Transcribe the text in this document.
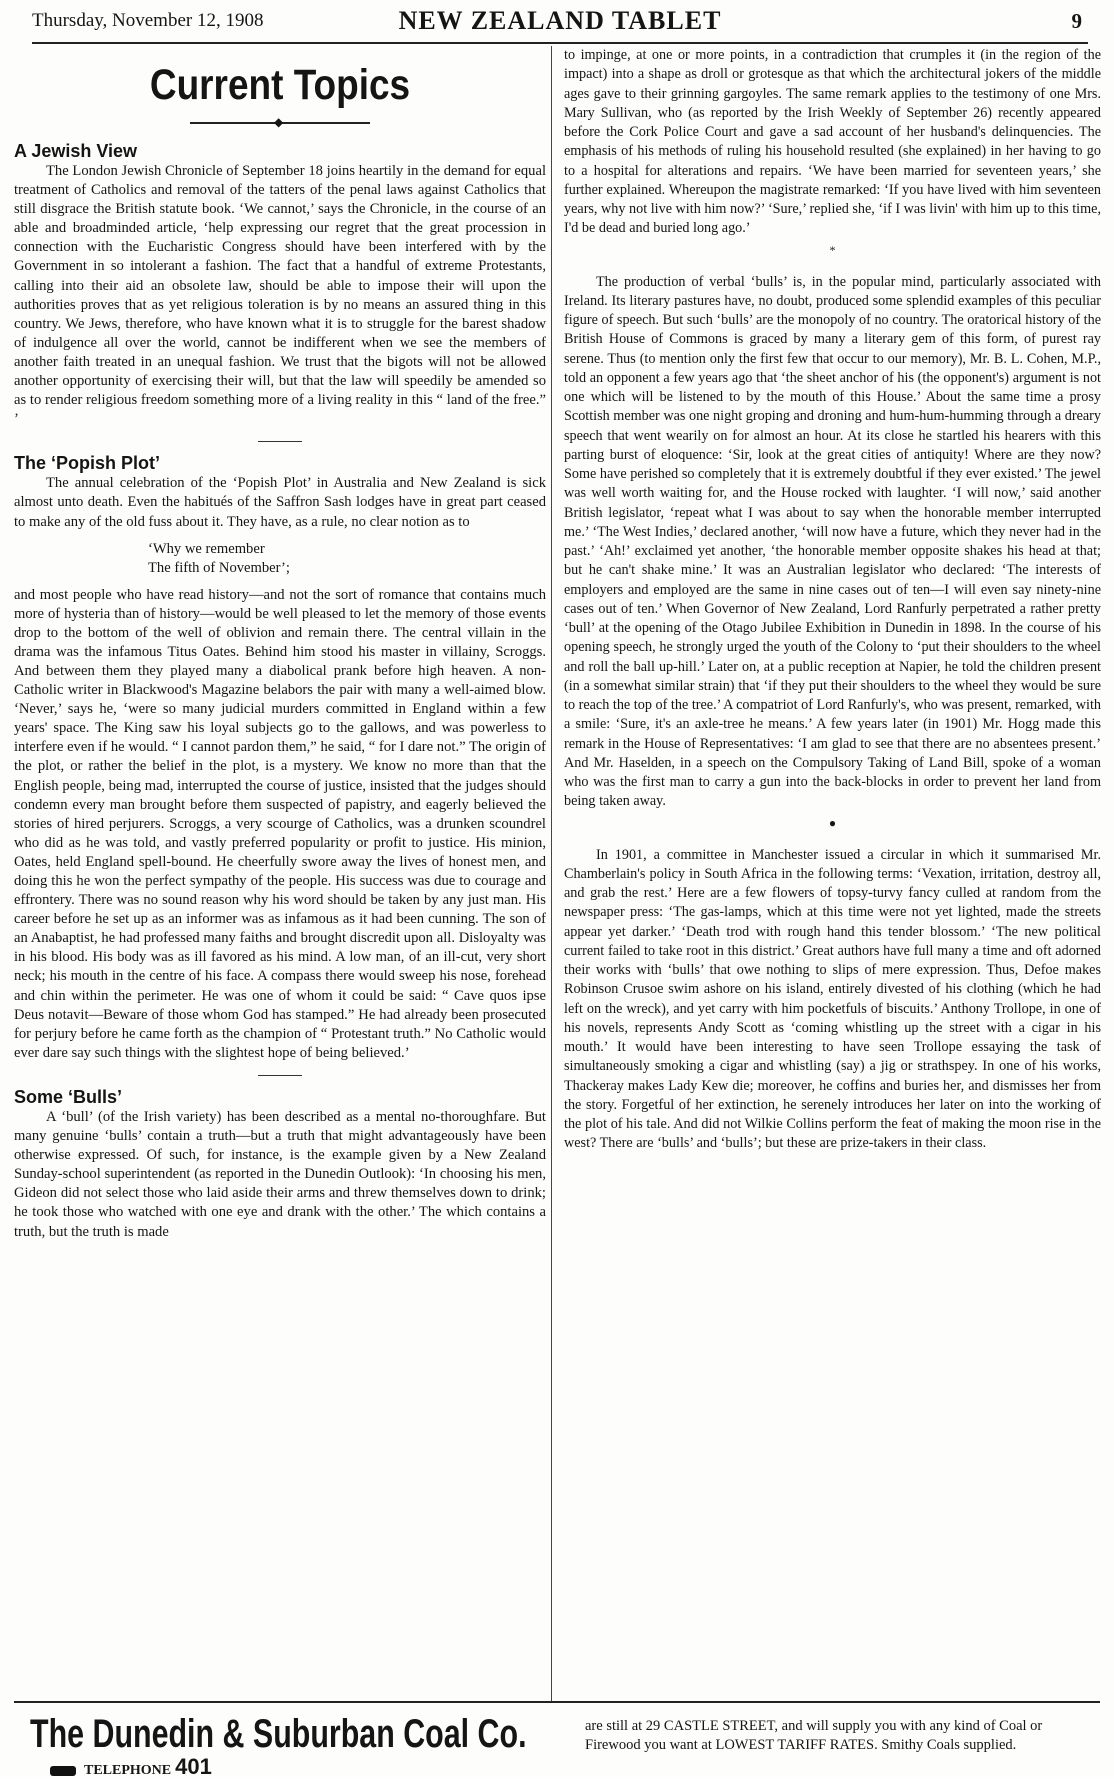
Thursday, November 12, 1908	NEW ZEALAND TABLET	9
Current Topics
◆
A Jewish View

The London Jewish Chronicle of September 18 joins heartily in the demand for equal treatment of Catholics and removal of the tatters of the penal laws against Catholics that still disgrace the British statute book. ‘We cannot,’ says the Chronicle, in the course of an able and broadminded article, ‘help expressing our regret that the great procession in connection with the Eucharistic Congress should have been interfered with by the Government in so intolerant a fashion. The fact that a handful of extreme Protestants, calling into their aid an obsolete law, should be able to impose their will upon the authorities proves that as yet religious toleration is by no means an assured thing in this country. We Jews, therefore, who have known what it is to struggle for the barest shadow of indulgence all over the world, cannot be indifferent when we see the members of another faith treated in an unequal fashion. We trust that the bigots will not be allowed another opportunity of exercising their will, but that the law will speedily be amended so as to render religious freedom something more of a living reality in this “ land of the free.” ’

The ‘Popish Plot’

The annual celebration of the ‘Popish Plot’ in Australia and New Zealand is sick almost unto death. Even the habitués of the Saffron Sash lodges have in great part ceased to make any of the old fuss about it. They have, as a rule, no clear notion as to

‘Why we remember
The fifth of November’;

and most people who have read history—and not the sort of romance that contains much more of hysteria than of history—would be well pleased to let the memory of those events drop to the bottom of the well of oblivion and remain there. The central villain in the drama was the infamous Titus Oates. Behind him stood his master in villainy, Scroggs. And between them they played many a diabolical prank before high heaven. A non-Catholic writer in Blackwood's Magazine belabors the pair with many a well-aimed blow. ‘Never,’ says he, ‘were so many judicial murders committed in England within a few years' space. The King saw his loyal subjects go to the gallows, and was powerless to interfere even if he would. “ I cannot pardon them,” he said, “ for I dare not.” The origin of the plot, or rather the belief in the plot, is a mystery. We know no more than that the English people, being mad, interrupted the course of justice, insisted that the judges should condemn every man brought before them suspected of papistry, and eagerly believed the stories of hired perjurers. Scroggs, a very scourge of Catholics, was a drunken scoundrel who did as he was told, and vastly preferred popularity or profit to justice. His minion, Oates, held England spell-bound. He cheerfully swore away the lives of honest men, and doing this he won the perfect sympathy of the people. His success was due to courage and effrontery. There was no sound reason why his word should be taken by any just man. His career before he set up as an informer was as infamous as it had been cunning. The son of an Anabaptist, he had professed many faiths and brought discredit upon all. Disloyalty was in his blood. His body was as ill favored as his mind. A low man, of an ill-cut, very short neck; his mouth in the centre of his face. A compass there would sweep his nose, forehead and chin within the perimeter. He was one of whom it could be said: “ Cave quos ipse Deus notavit—Beware of those whom God has stamped.” He had already been prosecuted for perjury before he came forth as the champion of “ Protestant truth.” No Catholic would ever dare say such things with the slightest hope of being believed.’

Some ‘Bulls’

A ‘bull’ (of the Irish variety) has been described as a mental no-thoroughfare. But many genuine ‘bulls’ contain a truth—but a truth that might advantageously have been otherwise expressed. Of such, for instance, is the example given by a New Zealand Sunday-school superintendent (as reported in the Dunedin Outlook): ‘In choosing his men, Gideon did not select those who laid aside their arms and threw themselves down to drink; he took those who watched with one eye and drank with the other.’ The which contains a truth, but the truth is made

to impinge, at one or more points, in a contradiction that crumples it (in the region of the impact) into a shape as droll or grotesque as that which the architectural jokers of the middle ages gave to their grinning gargoyles. The same remark applies to the testimony of one Mrs. Mary Sullivan, who (as reported by the Irish Weekly of September 26) recently appeared before the Cork Police Court and gave a sad account of her husband's delinquencies. The emphasis of his methods of ruling his household resulted (she explained) in her having to go to a hospital for alterations and repairs. ‘We have been married for seventeen years,’ she further explained. Whereupon the magistrate remarked: ‘If you have lived with him seventeen years, why not live with him now?’ ‘Sure,’ replied she, ‘if I was livin' with him up to this time, I'd be dead and buried long ago.’

*

The production of verbal ‘bulls’ is, in the popular mind, particularly associated with Ireland. Its literary pastures have, no doubt, produced some splendid examples of this peculiar figure of speech. But such ‘bulls’ are the monopoly of no country. The oratorical history of the British House of Commons is graced by many a literary gem of this form, of purest ray serene. Thus (to mention only the first few that occur to our memory), Mr. B. L. Cohen, M.P., told an opponent a few years ago that ‘the sheet anchor of his (the opponent's) argument is not one which will be listened to by the mouth of this House.’ About the same time a prosy Scottish member was one night groping and droning and hum-hum-humming through a dreary speech that went wearily on for almost an hour. At its close he startled his hearers with this parting burst of eloquence: ‘Sir, look at the great cities of antiquity! Where are they now? Some have perished so completely that it is extremely doubtful if they ever existed.’ The jewel was well worth waiting for, and the House rocked with laughter. ‘I will now,’ said another British legislator, ‘repeat what I was about to say when the honorable member interrupted me.’ ‘The West Indies,’ declared another, ‘will now have a future, which they never had in the past.’ ‘Ah!’ exclaimed yet another, ‘the honorable member opposite shakes his head at that; but he can't shake mine.’ It was an Australian legislator who declared: ‘The interests of employers and employed are the same in nine cases out of ten—I will even say ninety-nine cases out of ten.’ When Governor of New Zealand, Lord Ranfurly perpetrated a rather pretty ‘bull’ at the opening of the Otago Jubilee Exhibition in Dunedin in 1898. In the course of his opening speech, he strongly urged the youth of the Colony to ‘put their shoulders to the wheel and roll the ball up-hill.’ Later on, at a public reception at Napier, he told the children present (in a somewhat similar strain) that ‘if they put their shoulders to the wheel they would be sure to reach the top of the tree.’ A compatriot of Lord Ranfurly's, who was present, remarked, with a smile: ‘Sure, it's an axle-tree he means.’ A few years later (in 1901) Mr. Hogg made this remark in the House of Representatives: ‘I am glad to see that there are no absentees present.’ And Mr. Haselden, in a speech on the Compulsory Taking of Land Bill, spoke of a woman who was the first man to carry a gun into the back-blocks in order to prevent her land from being taken away.

●

In 1901, a committee in Manchester issued a circular in which it summarised Mr. Chamberlain's policy in South Africa in the following terms: ‘Vexation, irritation, destroy all, and grab the rest.’ Here are a few flowers of topsy-turvy fancy culled at random from the newspaper press: ‘The gas-lamps, which at this time were not yet lighted, made the streets appear yet darker.’ ‘Death trod with rough hand this tender blossom.’ ‘The new political current failed to take root in this district.’ Great authors have full many a time and oft adorned their works with ‘bulls’ that owe nothing to slips of mere expression. Thus, Defoe makes Robinson Crusoe swim ashore on his island, entirely divested of his clothing (which he had left on the wreck), and yet carry with him pocketfuls of biscuits.’ Anthony Trollope, in one of his novels, represents Andy Scott as ‘coming whistling up the street with a cigar in his mouth.’ It would have been interesting to have seen Trollope essaying the task of simultaneously smoking a cigar and whistling (say) a jig or strathspey. In one of his works, Thackeray makes Lady Kew die; moreover, he coffins and buries her, and dismisses her from the story. Forgetful of her extinction, he serenely introduces her later on into the working of the plot of his tale. And did not Wilkie Collins perform the feat of making the moon rise in the west? There are ‘bulls’ and ‘bulls’; but these are prize-takers in their class.

The Dunedin & Suburban Coal Co.
TELEPHONE 401
are still at 29 CASTLE STREET, and will supply you with any kind of Coal or Firewood you want at LOWEST TARIFF RATES. Smithy Coals supplied.
